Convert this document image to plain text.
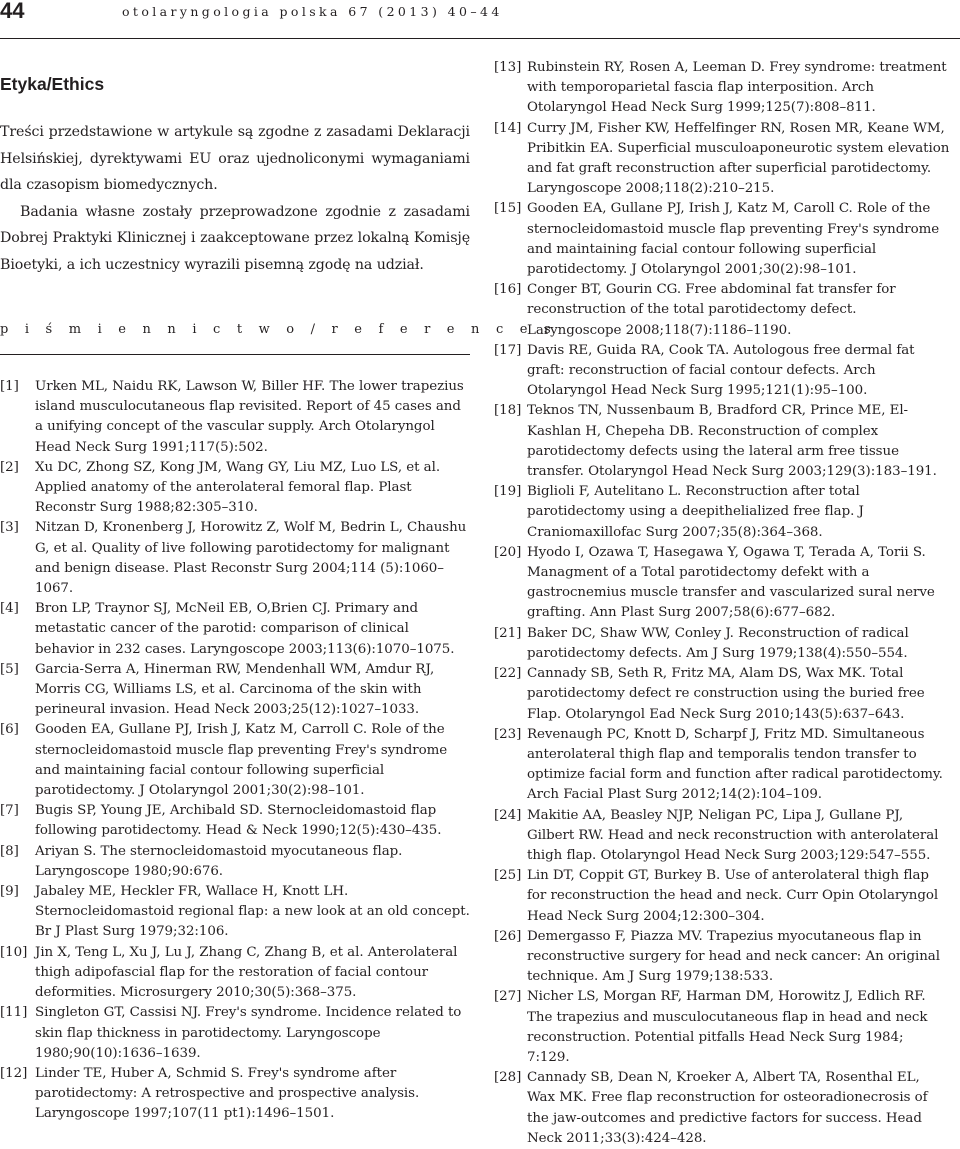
44	otolaryngologia polska 67 (2013) 40–44
Etyka/Ethics

Treści przedstawione w artykule są zgodne z zasadami Deklaracji Helsińskiej, dyrektywami EU oraz ujednoliconymi wymaganiami dla czasopism biomedycznych.

Badania własne zostały przeprowadzone zgodnie z zasadami Dobrej Praktyki Klinicznej i zaakceptowane przez lokalną Komisję Bioetyki, a ich uczestnicy wyrazili pisemną zgodę na udział.

p i ś m i e n n i c t w o / r e f e r e n c e s
[1] Urken ML, Naidu RK, Lawson W, Biller HF. The lower trapezius island musculocutaneous flap revisited. Report of 45 cases and a unifying concept of the vascular supply. Arch Otolaryngol Head Neck Surg 1991;117(5):502.
[2] Xu DC, Zhong SZ, Kong JM, Wang GY, Liu MZ, Luo LS, et al. Applied anatomy of the anterolateral femoral flap. Plast Reconstr Surg 1988;82:305–310.
[3] Nitzan D, Kronenberg J, Horowitz Z, Wolf M, Bedrin L, Chaushu G, et al. Quality of live following parotidectomy for malignant and benign disease. Plast Reconstr Surg 2004;114 (5):1060–1067.
[4] Bron LP, Traynor SJ, McNeil EB, O,Brien CJ. Primary and metastatic cancer of the parotid: comparison of clinical behavior in 232 cases. Laryngoscope 2003;113(6):1070–1075.
[5] Garcia-Serra A, Hinerman RW, Mendenhall WM, Amdur RJ, Morris CG, Williams LS, et al. Carcinoma of the skin with perineural invasion. Head Neck 2003;25(12):1027–1033.
[6] Gooden EA, Gullane PJ, Irish J, Katz M, Carroll C. Role of the sternocleidomastoid muscle flap preventing Frey's syndrome and maintaining facial contour following superficial parotidectomy. J Otolaryngol 2001;30(2):98–101.
[7] Bugis SP, Young JE, Archibald SD. Sternocleidomastoid flap following parotidectomy. Head & Neck 1990;12(5):430–435.
[8] Ariyan S. The sternocleidomastoid myocutaneous flap. Laryngoscope 1980;90:676.
[9] Jabaley ME, Heckler FR, Wallace H, Knott LH. Sternocleidomastoid regional flap: a new look at an old concept. Br J Plast Surg 1979;32:106.
[10] Jin X, Teng L, Xu J, Lu J, Zhang C, Zhang B, et al. Anterolateral thigh adipofascial flap for the restoration of facial contour deformities. Microsurgery 2010;30(5):368–375.
[11] Singleton GT, Cassisi NJ. Frey's syndrome. Incidence related to skin flap thickness in parotidectomy. Laryngoscope 1980;90(10):1636–1639.
[12] Linder TE, Huber A, Schmid S. Frey's syndrome after parotidectomy: A retrospective and prospective analysis. Laryngoscope 1997;107(11 pt1):1496–1501.
[13] Rubinstein RY, Rosen A, Leeman D. Frey syndrome: treatment with temporoparietal fascia flap interposition. Arch Otolaryngol Head Neck Surg 1999;125(7):808–811.
[14] Curry JM, Fisher KW, Heffelfinger RN, Rosen MR, Keane WM, Pribitkin EA. Superficial musculoaponeurotic system elevation and fat graft reconstruction after superficial parotidectomy. Laryngoscope 2008;118(2):210–215.
[15] Gooden EA, Gullane PJ, Irish J, Katz M, Caroll C. Role of the sternocleidomastoid muscle flap preventing Frey's syndrome and maintaining facial contour following superficial parotidectomy. J Otolaryngol 2001;30(2):98–101.
[16] Conger BT, Gourin CG. Free abdominal fat transfer for reconstruction of the total parotidectomy defect. Laryngoscope 2008;118(7):1186–1190.
[17] Davis RE, Guida RA, Cook TA. Autologous free dermal fat graft: reconstruction of facial contour defects. Arch Otolaryngol Head Neck Surg 1995;121(1):95–100.
[18] Teknos TN, Nussenbaum B, Bradford CR, Prince ME, El-Kashlan H, Chepeha DB. Reconstruction of complex parotidectomy defects using the lateral arm free tissue transfer. Otolaryngol Head Neck Surg 2003;129(3):183–191.
[19] Biglioli F, Autelitano L. Reconstruction after total parotidectomy using a deepithelialized free flap. J Craniomaxillofac Surg 2007;35(8):364–368.
[20] Hyodo I, Ozawa T, Hasegawa Y, Ogawa T, Terada A, Torii S. Managment of a Total parotidectomy defekt with a gastrocnemius muscle transfer and vascularized sural nerve grafting. Ann Plast Surg 2007;58(6):677–682.
[21] Baker DC, Shaw WW, Conley J. Reconstruction of radical parotidectomy defects. Am J Surg 1979;138(4):550–554.
[22] Cannady SB, Seth R, Fritz MA, Alam DS, Wax MK. Total parotidectomy defect re construction using the buried free Flap. Otolaryngol Ead Neck Surg 2010;143(5):637–643.
[23] Revenaugh PC, Knott D, Scharpf J, Fritz MD. Simultaneous anterolateral thigh flap and temporalis tendon transfer to optimize facial form and function after radical parotidectomy. Arch Facial Plast Surg 2012;14(2):104–109.
[24] Makitie AA, Beasley NJP, Neligan PC, Lipa J, Gullane PJ, Gilbert RW. Head and neck reconstruction with anterolateral thigh flap. Otolaryngol Head Neck Surg 2003;129:547–555.
[25] Lin DT, Coppit GT, Burkey B. Use of anterolateral thigh flap for reconstruction the head and neck. Curr Opin Otolaryngol Head Neck Surg 2004;12:300–304.
[26] Demergasso F, Piazza MV. Trapezius myocutaneous flap in reconstructive surgery for head and neck cancer: An original technique. Am J Surg 1979;138:533.
[27] Nicher LS, Morgan RF, Harman DM, Horowitz J, Edlich RF. The trapezius and musculocutaneous flap in head and neck reconstruction. Potential pitfalls Head Neck Surg 1984; 7:129.
[28] Cannady SB, Dean N, Kroeker A, Albert TA, Rosenthal EL, Wax MK. Free flap reconstruction for osteoradionecrosis of the jaw-outcomes and predictive factors for success. Head Neck 2011;33(3):424–428.
